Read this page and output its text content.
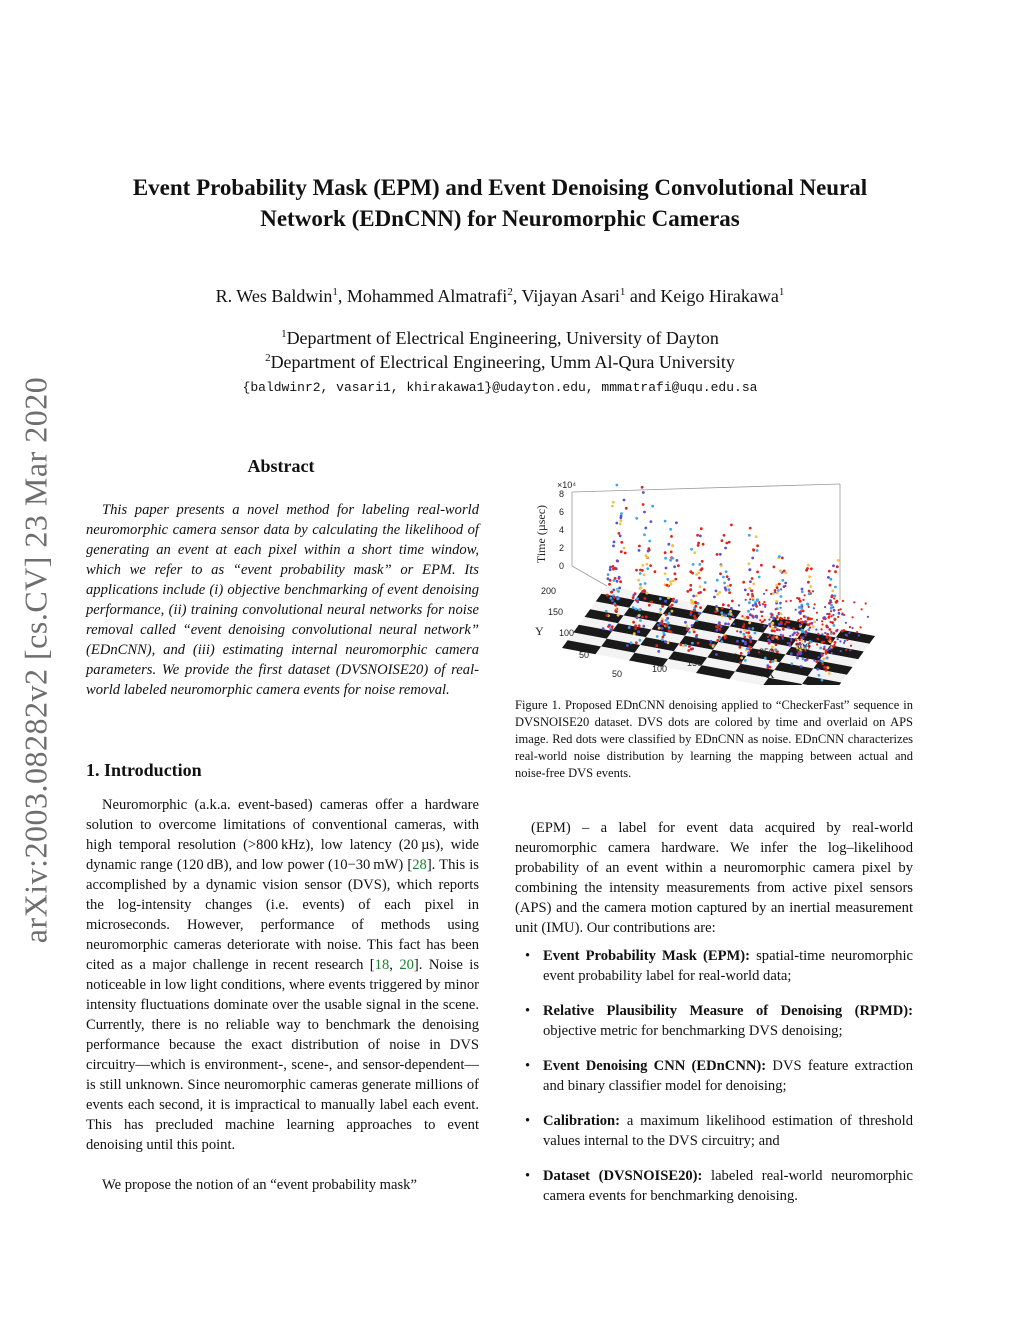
arXiv:2003.08282v2 [cs.CV] 23 Mar 2020
Event Probability Mask (EPM) and Event Denoising Convolutional Neural
Network (EDnCNN) for Neuromorphic Cameras
R. Wes Baldwin$^1$, Mohammed Almatrafi$^2$, Vijayan Asari$^1$ and Keigo Hirakawa$^1$
$^1$Department of Electrical Engineering, University of Dayton
$^2$Department of Electrical Engineering, Umm Al-Qura University
{baldwinr2, vasari1, khirakawa1}@udayton.edu, mmmatrafi@uqu.edu.sa
Abstract

This paper presents a novel method for labeling real-world neuromorphic camera sensor data by calculating the likelihood of generating an event at each pixel within a short time window, which we refer to as “event probability mask” or EPM. Its applications include (i) objective benchmarking of event denoising performance, (ii) training convolutional neural networks for noise removal called “event denoising convolutional neural network” (EDnCNN), and (iii) estimating internal neuromorphic camera parameters. We provide the first dataset (DVSNOISE20) of real-world labeled neuromorphic camera events for noise removal.

1. Introduction

Neuromorphic (a.k.a. event-based) cameras offer a hardware solution to overcome limitations of conventional cameras, with high temporal resolution (>800 kHz), low latency (20 µs), wide dynamic range (120 dB), and low power (10−30 mW) [28]. This is accomplished by a dynamic vision sensor (DVS), which reports the log-intensity changes (i.e. events) of each pixel in microseconds. However, performance of methods using neuromorphic cameras deteriorate with noise. This fact has been cited as a major challenge in recent research [18, 20]. Noise is noticeable in low light conditions, where events triggered by minor intensity fluctuations dominate over the usable signal in the scene. Currently, there is no reliable way to benchmark the denoising performance because the exact distribution of noise in DVS circuitry—which is environment-, scene-, and sensor-dependent—is still unknown. Since neuromorphic cameras generate millions of events each second, it is impractical to manually label each event. This has precluded machine learning approaches to event denoising until this point.

We propose the notion of an “event probability mask”

×10⁴
8
6
4
2
0
Time (µsec)
200
150
100
50
Y
50	100
150
200 250 300
X

Figure 1. Proposed EDnCNN denoising applied to “CheckerFast” sequence in DVSNOISE20 dataset. DVS dots are colored by time and overlaid on APS image. Red dots were classified by EDnCNN as noise. EDnCNN characterizes real-world noise distribution by learning the mapping between actual and noise-free DVS events.

(EPM) – a label for event data acquired by real-world neuromorphic camera hardware. We infer the log–likelihood probability of an event within a neuromorphic camera pixel by combining the intensity measurements from active pixel sensors (APS) and the camera motion captured by an inertial measurement unit (IMU). Our contributions are:

• Event Probability Mask (EPM): spatial-time neuromorphic event probability label for real-world data;
• Relative Plausibility Measure of Denoising (RPMD): objective metric for benchmarking DVS denoising;
• Event Denoising CNN (EDnCNN): DVS feature extraction and binary classifier model for denoising;
• Calibration: a maximum likelihood estimation of threshold values internal to the DVS circuitry; and
• Dataset (DVSNOISE20): labeled real-world neuromorphic camera events for benchmarking denoising.
